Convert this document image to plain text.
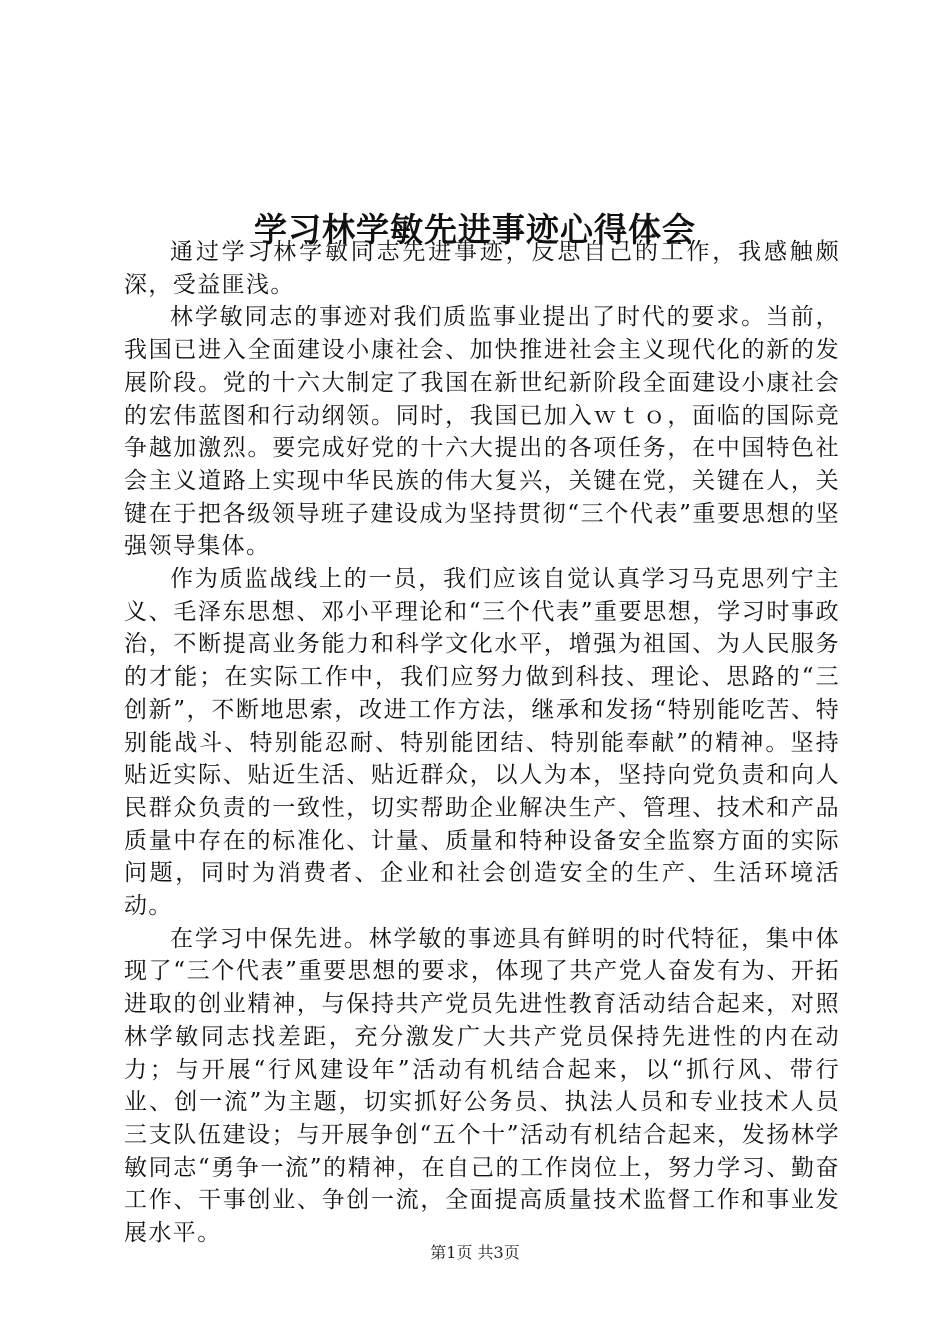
学习林学敏先进事迹心得体会

通过学习林学敏同志先进事迹，反思自己的工作，我感触颇深，受益匪浅。

林学敏同志的事迹对我们质监事业提出了时代的要求。当前，我国已进入全面建设小康社会、加快推进社会主义现代化的新的发展阶段。党的十六大制定了我国在新世纪新阶段全面建设小康社会的宏伟蓝图和行动纲领。同时，我国已加入ｗｔｏ，面临的国际竞争越加激烈。要完成好党的十六大提出的各项任务，在中国特色社会主义道路上实现中华民族的伟大复兴，关键在党，关键在人，关键在于把各级领导班子建设成为坚持贯彻“三个代表”重要思想的坚强领导集体。

作为质监战线上的一员，我们应该自觉认真学习马克思列宁主义、毛泽东思想、邓小平理论和“三个代表”重要思想，学习时事政治，不断提高业务能力和科学文化水平，增强为祖国、为人民服务的才能；在实际工作中，我们应努力做到科技、理论、思路的“三创新”，不断地思索，改进工作方法，继承和发扬“特别能吃苦、特别能战斗、特别能忍耐、特别能团结、特别能奉献”的精神。坚持贴近实际、贴近生活、贴近群众，以人为本，坚持向党负责和向人民群众负责的一致性，切实帮助企业解决生产、管理、技术和产品质量中存在的标准化、计量、质量和特种设备安全监察方面的实际问题，同时为消费者、企业和社会创造安全的生产、生活环境活动。

在学习中保先进。林学敏的事迹具有鲜明的时代特征，集中体现了“三个代表”重要思想的要求，体现了共产党人奋发有为、开拓进取的创业精神，与保持共产党员先进性教育活动结合起来，对照林学敏同志找差距，充分激发广大共产党员保持先进性的内在动力；与开展“行风建设年”活动有机结合起来，以“抓行风、带行业、创一流”为主题，切实抓好公务员、执法人员和专业技术人员三支队伍建设；与开展争创“五个十”活动有机结合起来，发扬林学敏同志“勇争一流”的精神，在自己的工作岗位上，努力学习、勤奋工作、干事创业、争创一流，全面提高质量技术监督工作和事业发展水平。

第1页 共3页
